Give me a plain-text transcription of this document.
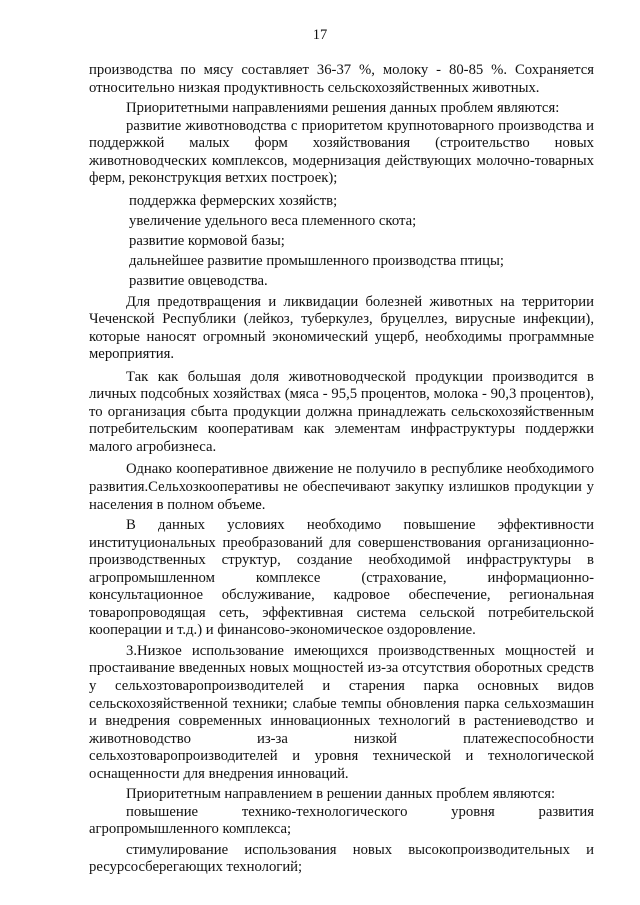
17

производства по мясу составляет 36-37 %, молоку - 80-85 %. Сохраняется относительно низкая продуктивность сельскохозяйственных животных.

Приоритетными направлениями решения данных проблем являются:

развитие животноводства с приоритетом крупнотоварного производства и поддержкой малых форм хозяйствования (строительство новых животноводческих комплексов, модернизация действующих молочно-товарных ферм, реконструкция ветхих построек);

поддержка фермерских хозяйств;

увеличение удельного веса племенного скота;

развитие кормовой базы;

дальнейшее развитие промышленного производства птицы;

развитие овцеводства.

Для предотвращения и ликвидации болезней животных на территории Чеченской Республики (лейкоз, туберкулез, бруцеллез, вирусные инфекции), которые наносят огромный экономический ущерб, необходимы программные мероприятия.

Так как большая доля животноводческой продукции производится в личных подсобных хозяйствах (мяса - 95,5 процентов, молока - 90,3 процентов), то организация сбыта продукции должна принадлежать сельскохозяйственным потребительским кооперативам как элементам инфраструктуры поддержки малого агробизнеса.

Однако кооперативное движение не получило в республике необходимого развития.Сельхозкооперативы не обеспечивают закупку излишков продукции у населения в полном объеме.

В данных условиях необходимо повышение эффективности институциональных преобразований для совершенствования организационно-производственных структур, создание необходимой инфраструктуры в агропромышленном комплексе (страхование, информационно-консультационное обслуживание, кадровое обеспечение, региональная товаропроводящая сеть, эффективная система сельской потребительской кооперации и т.д.) и финансово-экономическое оздоровление.

3.Низкое использование имеющихся производственных мощностей и простаивание введенных новых мощностей из-за отсутствия оборотных средств у сельхозтоваропроизводителей и старения парка основных видов сельскохозяйственной техники; слабые темпы обновления парка сельхозмашин и внедрения современных инновационных технологий в растениеводство и животноводство из-за низкой платежеспособности сельхозтоваропроизводителей и уровня технической и технологической оснащенности для внедрения инноваций.

Приоритетным направлением в решении данных проблем являются:

повышение технико-технологического уровня развития агропромышленного комплекса;

стимулирование использования новых высокопроизводительных и ресурсосберегающих технологий;
